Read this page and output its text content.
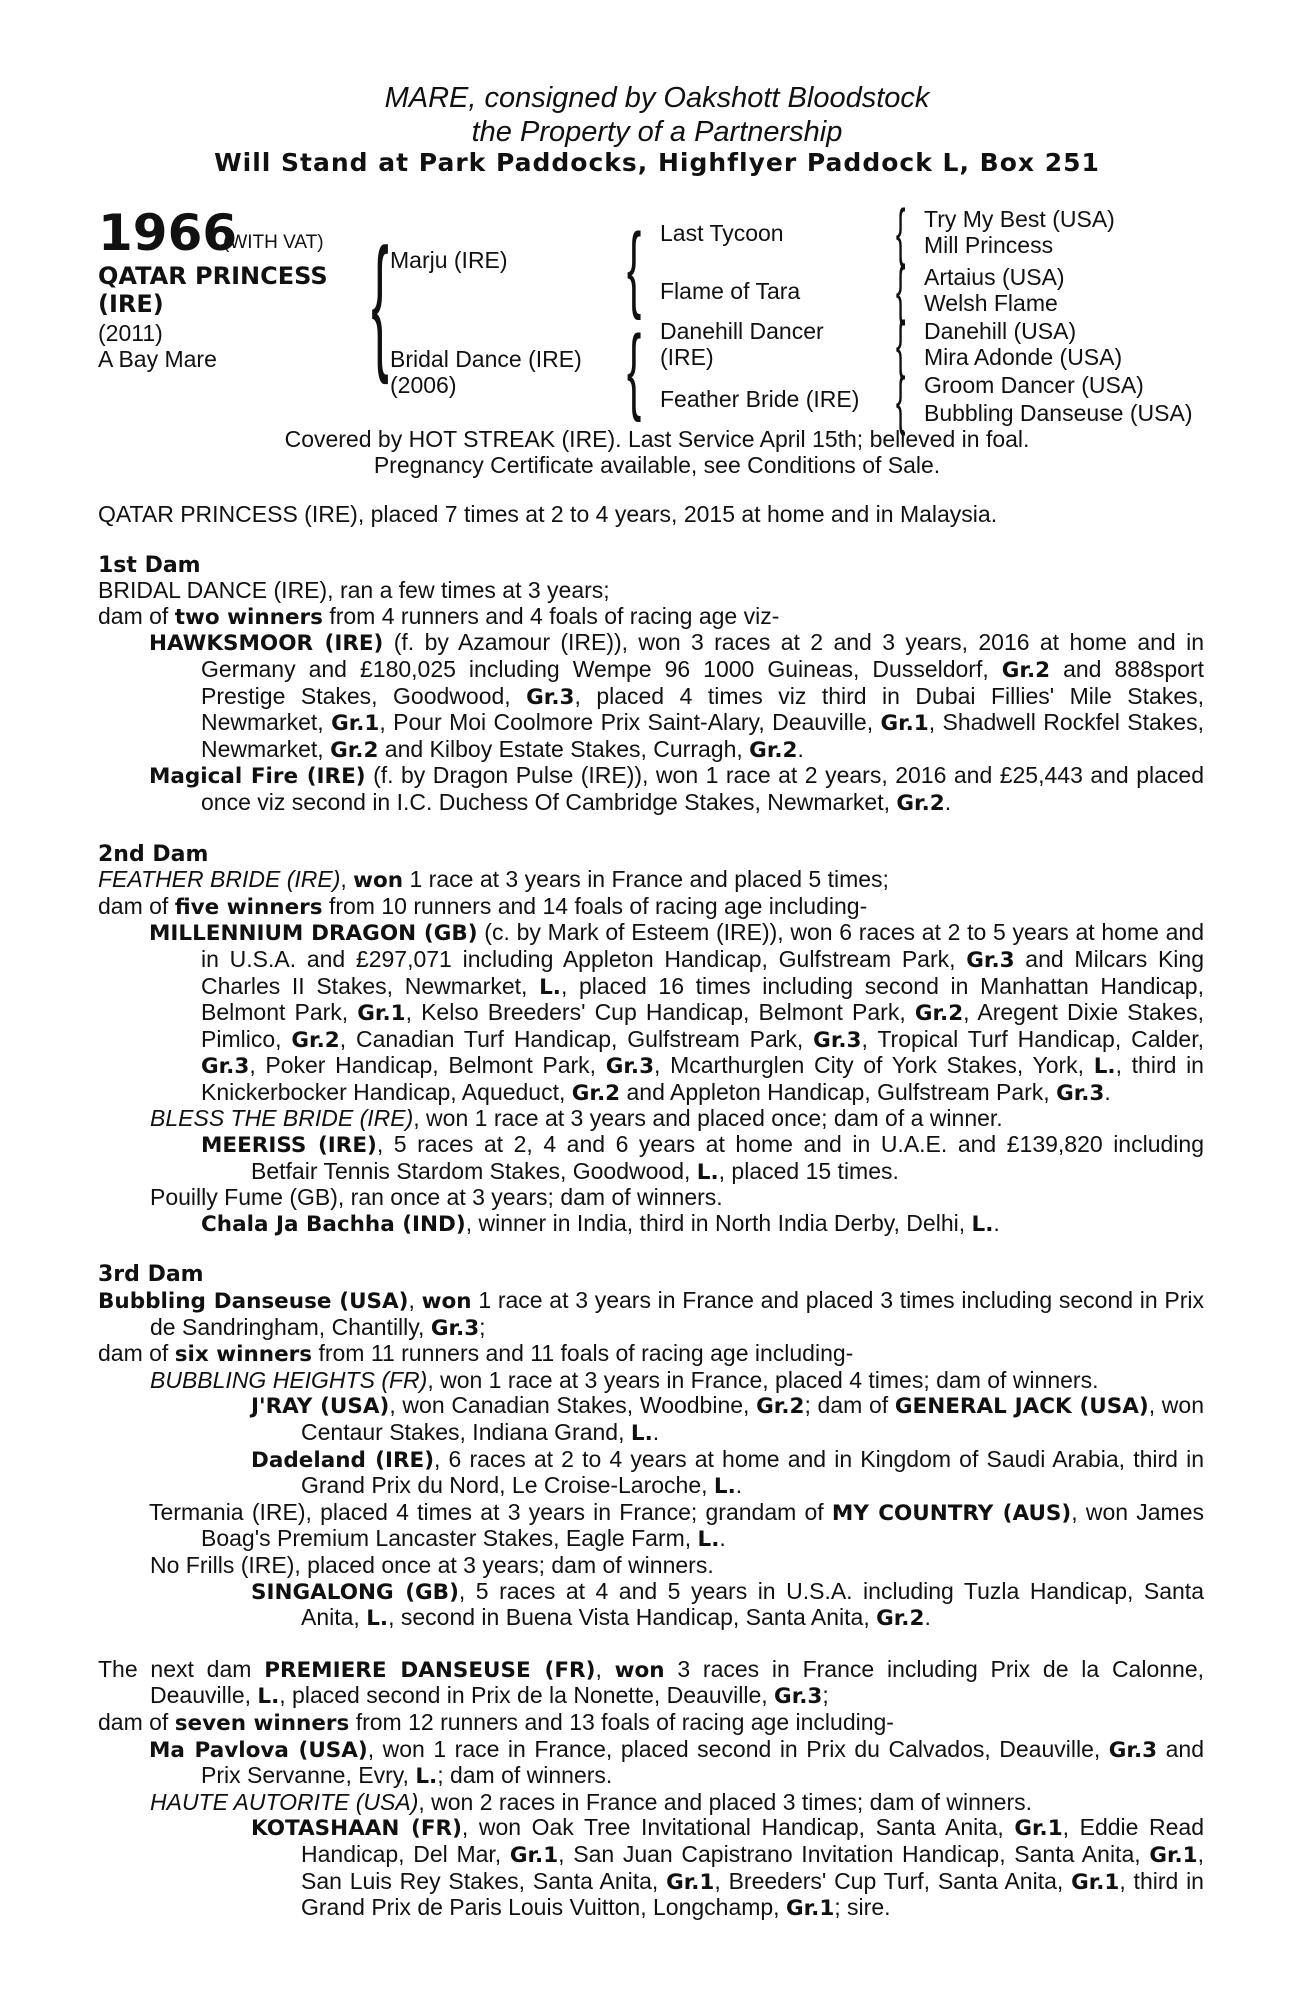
MARE, consigned by Oakshott Bloodstock
the Property of a Partnership
Will Stand at Park Paddocks, Highflyer Paddock L, Box 251
1966
(WITH VAT)
QATAR PRINCESS
(IRE)
(2011)
A Bay Mare { Marju (IRE)
Bridal Dance (IRE)
(2006)
{ Last Tycoon
Flame of Tara
{ Danehill Dancer
(IRE)
Feather Bride (IRE)
{ Try My Best (USA)
Mill Princess
{ Artaius (USA)
Welsh Flame
{ Danehill (USA)
Mira Adonde (USA)
{ Groom Dancer (USA)
Bubbling Danseuse (USA)
Covered by HOT STREAK (IRE). Last Service April 15th; believed in foal.
Pregnancy Certificate available, see Conditions of Sale.

QATAR PRINCESS (IRE), placed 7 times at 2 to 4 years, 2015 at home and in Malaysia.

1st Dam

BRIDAL DANCE (IRE), ran a few times at 3 years;

dam of two winners from 4 runners and 4 foals of racing age viz-

HAWKSMOOR (IRE) (f. by Azamour (IRE)), won 3 races at 2 and 3 years, 2016 at home and in Germany and £180,025 including Wempe 96 1000 Guineas, Dusseldorf, Gr.2 and 888sport Prestige Stakes, Goodwood, Gr.3, placed 4 times viz third in Dubai Fillies' Mile Stakes, Newmarket, Gr.1, Pour Moi Coolmore Prix Saint-Alary, Deauville, Gr.1, Shadwell Rockfel Stakes, Newmarket, Gr.2 and Kilboy Estate Stakes, Curragh, Gr.2.

Magical Fire (IRE) (f. by Dragon Pulse (IRE)), won 1 race at 2 years, 2016 and £25,443 and placed once viz second in I.C. Duchess Of Cambridge Stakes, Newmarket, Gr.2.

2nd Dam

FEATHER BRIDE (IRE), won 1 race at 3 years in France and placed 5 times;

dam of five winners from 10 runners and 14 foals of racing age including-

MILLENNIUM DRAGON (GB) (c. by Mark of Esteem (IRE)), won 6 races at 2 to 5 years at home and in U.S.A. and £297,071 including Appleton Handicap, Gulfstream Park, Gr.3 and Milcars King Charles II Stakes, Newmarket, L., placed 16 times including second in Manhattan Handicap, Belmont Park, Gr.1, Kelso Breeders' Cup Handicap, Belmont Park, Gr.2, Aregent Dixie Stakes, Pimlico, Gr.2, Canadian Turf Handicap, Gulfstream Park, Gr.3, Tropical Turf Handicap, Calder, Gr.3, Poker Handicap, Belmont Park, Gr.3, Mcarthurglen City of York Stakes, York, L., third in Knickerbocker Handicap, Aqueduct, Gr.2 and Appleton Handicap, Gulfstream Park, Gr.3.

BLESS THE BRIDE (IRE), won 1 race at 3 years and placed once; dam of a winner.

MEERISS (IRE), 5 races at 2, 4 and 6 years at home and in U.A.E. and £139,820 including Betfair Tennis Stardom Stakes, Goodwood, L., placed 15 times.

Pouilly Fume (GB), ran once at 3 years; dam of winners.

Chala Ja Bachha (IND), winner in India, third in North India Derby, Delhi, L..

3rd Dam

Bubbling Danseuse (USA), won 1 race at 3 years in France and placed 3 times including second in Prix de Sandringham, Chantilly, Gr.3;

dam of six winners from 11 runners and 11 foals of racing age including-

BUBBLING HEIGHTS (FR), won 1 race at 3 years in France, placed 4 times; dam of winners.

J'RAY (USA), won Canadian Stakes, Woodbine, Gr.2; dam of GENERAL JACK (USA), won Centaur Stakes, Indiana Grand, L..

Dadeland (IRE), 6 races at 2 to 4 years at home and in Kingdom of Saudi Arabia, third in Grand Prix du Nord, Le Croise-Laroche, L..

Termania (IRE), placed 4 times at 3 years in France; grandam of MY COUNTRY (AUS), won James Boag's Premium Lancaster Stakes, Eagle Farm, L..

No Frills (IRE), placed once at 3 years; dam of winners.

SINGALONG (GB), 5 races at 4 and 5 years in U.S.A. including Tuzla Handicap, Santa Anita, L., second in Buena Vista Handicap, Santa Anita, Gr.2.

The next dam PREMIERE DANSEUSE (FR), won 3 races in France including Prix de la Calonne, Deauville, L., placed second in Prix de la Nonette, Deauville, Gr.3;

dam of seven winners from 12 runners and 13 foals of racing age including-

Ma Pavlova (USA), won 1 race in France, placed second in Prix du Calvados, Deauville, Gr.3 and Prix Servanne, Evry, L.; dam of winners.

HAUTE AUTORITE (USA), won 2 races in France and placed 3 times; dam of winners.

KOTASHAAN (FR), won Oak Tree Invitational Handicap, Santa Anita, Gr.1, Eddie Read Handicap, Del Mar, Gr.1, San Juan Capistrano Invitation Handicap, Santa Anita, Gr.1, San Luis Rey Stakes, Santa Anita, Gr.1, Breeders' Cup Turf, Santa Anita, Gr.1, third in Grand Prix de Paris Louis Vuitton, Longchamp, Gr.1; sire.
